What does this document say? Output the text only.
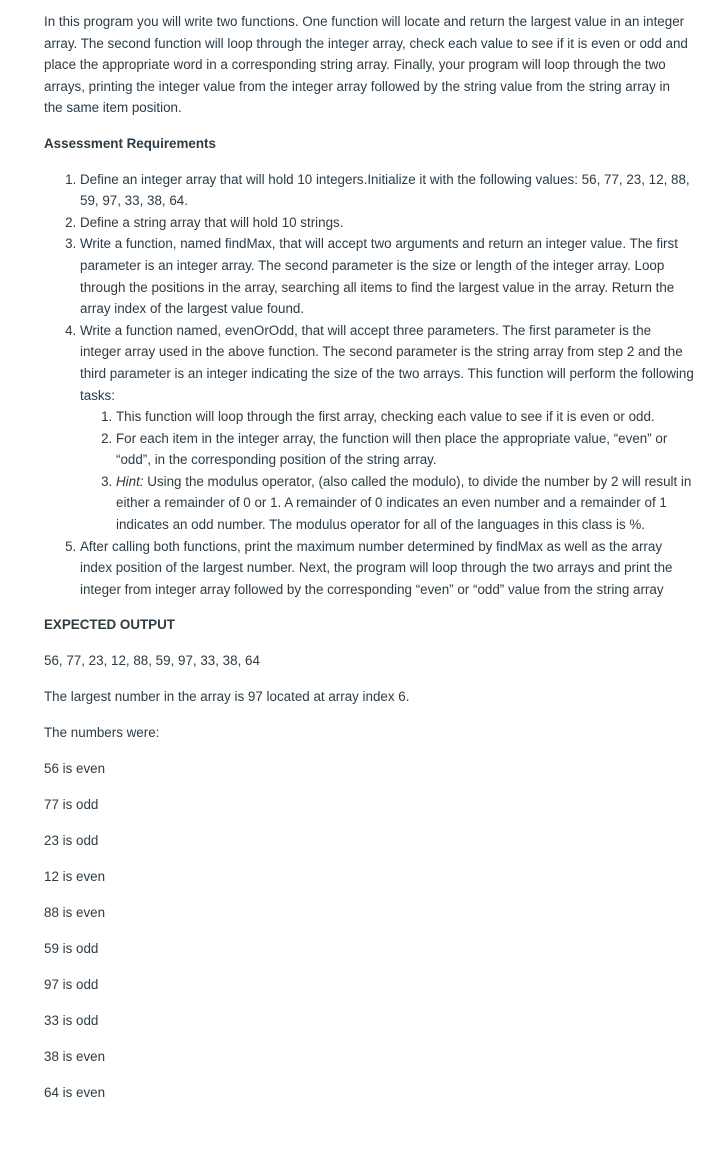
In this program you will write two functions. One function will locate and return the largest value in an integer array. The second function will loop through the integer array, check each value to see if it is even or odd and place the appropriate word in a corresponding string array. Finally, your program will loop through the two arrays, printing the integer value from the integer array followed by the string value from the string array in the same item position.

Assessment Requirements
1. Define an integer array that will hold 10 integers.Initialize it with the following values: 56, 77, 23, 12, 88, 59, 97, 33, 38, 64.
2. Define a string array that will hold 10 strings.
3. Write a function, named findMax, that will accept two arguments and return an integer value. The first parameter is an integer array. The second parameter is the size or length of the integer array. Loop through the positions in the array, searching all items to find the largest value in the array. Return the array index of the largest value found.
4. Write a function named, evenOrOdd, that will accept three parameters. The first parameter is the integer array used in the above function. The second parameter is the string array from step 2 and the third parameter is an integer indicating the size of the two arrays. This function will perform the following tasks:
1. This function will loop through the first array, checking each value to see if it is even or odd.
2. For each item in the integer array, the function will then place the appropriate value, “even” or “odd”, in the corresponding position of the string array.
3. Hint: Using the modulus operator, (also called the modulo), to divide the number by 2 will result in either a remainder of 0 or 1. A remainder of 0 indicates an even number and a remainder of 1 indicates an odd number. The modulus operator for all of the languages in this class is %.
5. After calling both functions, print the maximum number determined by findMax as well as the array index position of the largest number. Next, the program will loop through the two arrays and print the integer from integer array followed by the corresponding “even” or “odd” value from the string array
EXPECTED OUTPUT

56, 77, 23, 12, 88, 59, 97, 33, 38, 64

The largest number in the array is 97 located at array index 6.

The numbers were:

56 is even

77 is odd

23 is odd

12 is even

88 is even

59 is odd

97 is odd

33 is odd

38 is even

64 is even
